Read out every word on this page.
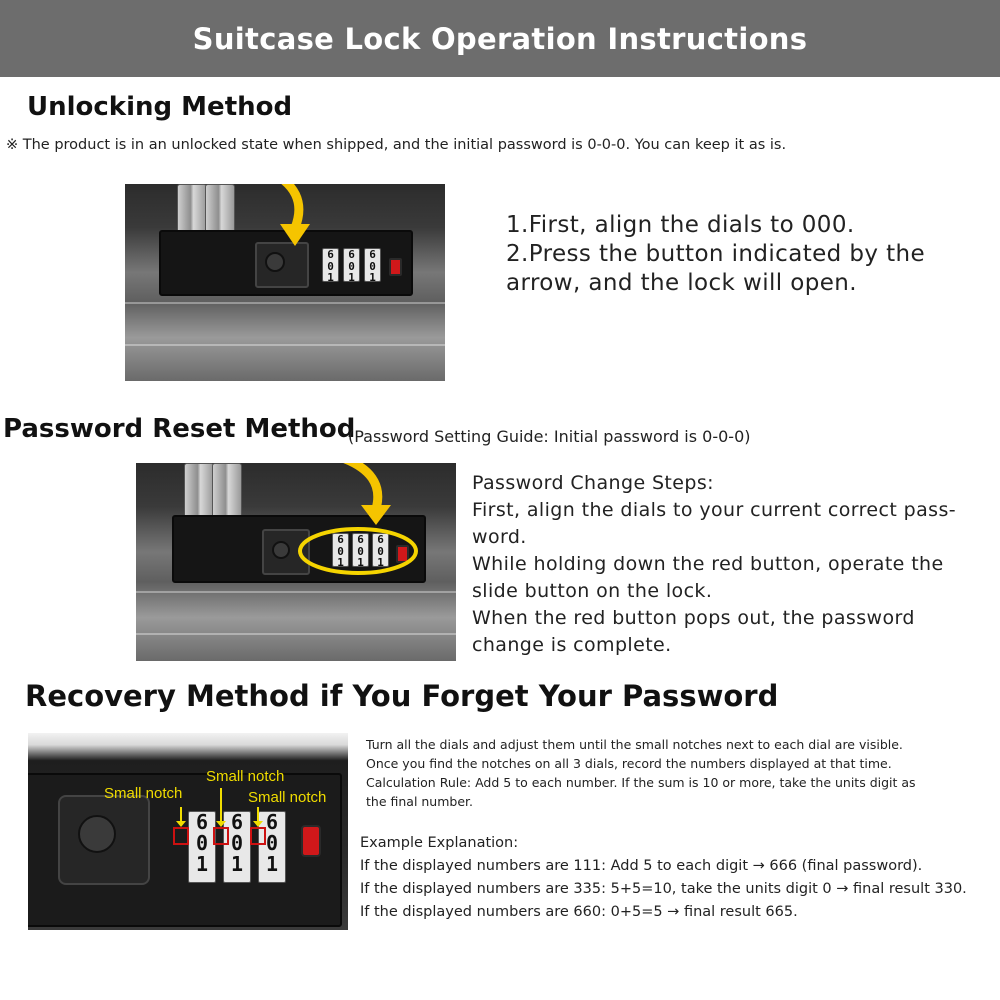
Suitcase Lock Operation Instructions
Unlocking Method
※ The product is in an unlocked state when shipped, and the initial password is 0-0-0. You can keep it as is.
6
0
1
6
0
1
6
0
1
1.First, align the dials to 000.
2.Press the button indicated by the
arrow, and the lock will open.
Password Reset Method
(Password Setting Guide: Initial password is 0-0-0)
6
0
1
6
0
1
6
0
1
Password Change Steps:
First, align the dials to your current correct pass-
word.
While holding down the red button, operate the
slide button on the lock.
When the red button pops out, the password
change is complete.
Recovery Method if You Forget Your Password
6
0
1
6
0
1
6
0
1
Small notch
Small notch
Small notch
Turn all the dials and adjust them until the small notches next to each dial are visible.
Once you find the notches on all 3 dials, record the numbers displayed at that time.
Calculation Rule: Add 5 to each number. If the sum is 10 or more, take the units digit as
the final number.
Example Explanation:
If the displayed numbers are 111: Add 5 to each digit → 666 (final password).
If the displayed numbers are 335: 5+5=10, take the units digit 0 → final result 330.
If the displayed numbers are 660: 0+5=5 → final result 665.
